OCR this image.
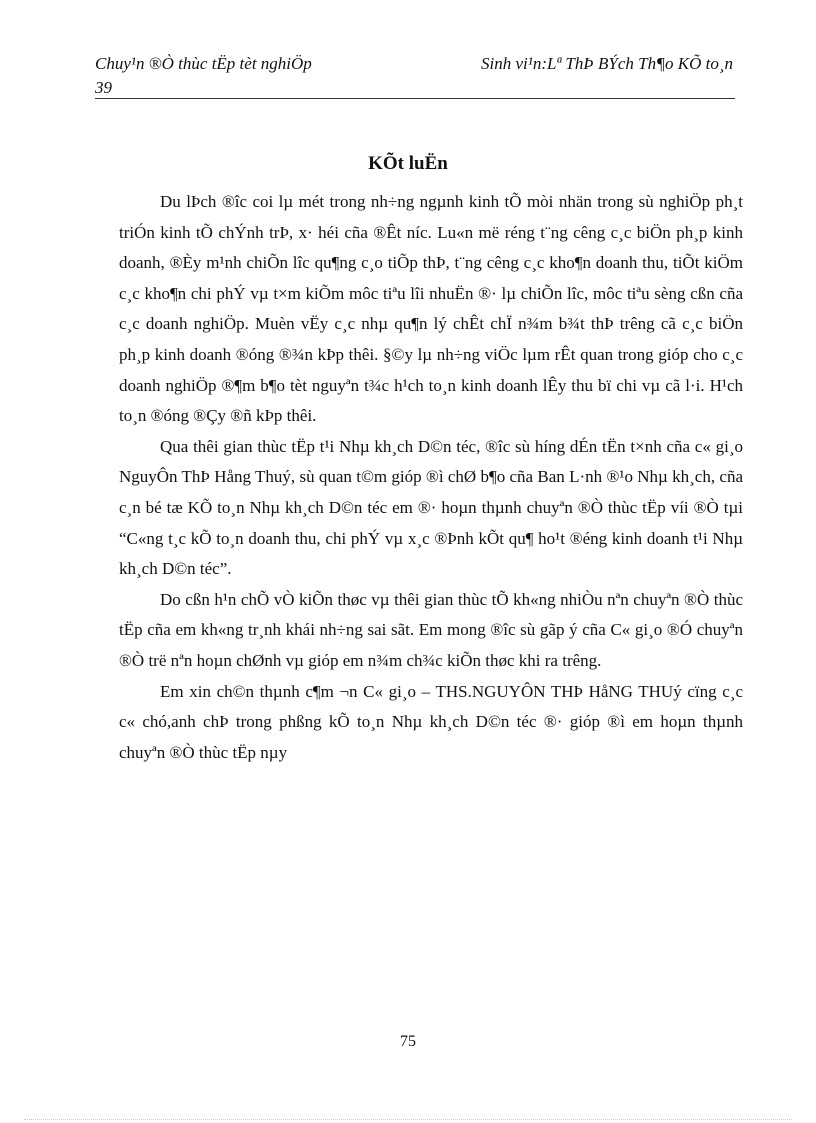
Chuy¹n ®Ò thùc tËp tèt nghiÖp
39
Sinh vi¹n:Lª ThÞ BÝch Th¶o KÕ to¸n
KÕt luËn

Du lÞch ®îc coi lµ mét trong nh÷ng ngµnh kinh tÕ mòi nhän trong sù nghiÖp ph¸t triÓn kinh tÕ chÝnh trÞ, x· héi cña ®Êt níc. Lu«n më réng t¨ng cêng c¸c biÖn ph¸p kinh doanh, ®Èy m¹nh chiÕn lîc qu¶ng c¸o tiÕp thÞ, t¨ng cêng c¸c kho¶n doanh thu, tiÕt kiÖm c¸c kho¶n chi phÝ vµ t×m kiÕm môc tiªu lîi nhuËn ®· lµ chiÕn lîc, môc tiªu sèng cßn cña c¸c doanh nghiÖp. Muèn vËy c¸c nhµ qu¶n lý chÊt chÏ n¾m b¾t thÞ trêng cã c¸c biÖn ph¸p kinh doanh ®óng ®¾n kÞp thêi. §©y lµ nh÷ng viÖc lµm rÊt quan trong gióp cho c¸c doanh nghiÖp ®¶m b¶o tèt nguyªn t¾c h¹ch to¸n kinh doanh lÊy thu bï chi vµ cã l·i. H¹ch to¸n ®óng ®Çy ®ñ kÞp thêi.

Qua thêi gian thùc tËp t¹i Nhµ kh¸ch D©n téc, ®îc sù híng dÉn tËn t×nh cña c« gi¸o NguyÔn ThÞ Hång Thuý, sù quan t©m gióp ®ì chØ b¶o cña Ban L·nh ®¹o Nhµ kh¸ch, cña c¸n bé tæ KÕ to¸n Nhµ kh¸ch D©n téc em ®· hoµn thµnh chuyªn ®Ò thùc tËp víi ®Ò tµi “C«ng t¸c kÕ to¸n doanh thu, chi phÝ vµ x¸c ®Þnh kÕt qu¶ ho¹t ®éng kinh doanh t¹i Nhµ kh¸ch D©n téc”.

Do cßn h¹n chÕ vÒ kiÕn thøc vµ thêi gian thùc tÕ kh«ng nhiÒu nªn chuyªn ®Ò thùc tËp cña em kh«ng tr¸nh khái nh÷ng sai sãt. Em mong ®îc sù gãp ý cña C« gi¸o ®Ó chuyªn ®Ò trë nªn hoµn chØnh vµ gióp em n¾m ch¾c kiÕn thøc khi ra trêng.

Em xin ch©n thµnh c¶m ¬n C« gi¸o – THS.NGUYÔN THÞ HåNG THUý cïng c¸c c« chó,anh chÞ trong phßng kÕ to¸n Nhµ kh¸ch D©n téc ®· gióp ®ì em hoµn thµnh chuyªn ®Ò thùc tËp nµy

75
